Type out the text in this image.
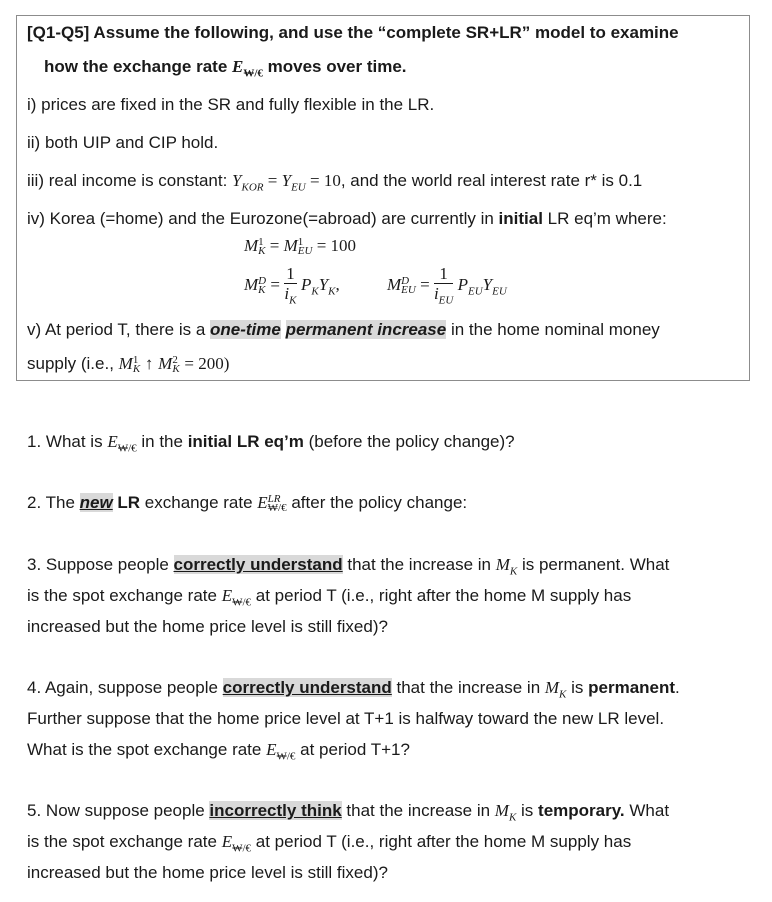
[Q1-Q5] Assume the following, and use the “complete SR+LR” model to examine
how the exchange rate $E_{₩/€}$ moves over time.
i) prices are fixed in the SR and fully flexible in the LR.
ii) both UIP and CIP hold.
iii) real income is constant: $Y_{KOR} = Y_{EU} = 10$, and the world real interest rate r* is 0.1
iv) Korea (=home) and the Eurozone(=abroad) are currently in initial LR eq’m where:
M 1
K = M 1
EU = 100
M D
$K = \frac{1}{i_K} P_KY_K$,	M D
EU = $\frac{1}{i_{EU}} P_{EU}Y_{EU}$
v) At period T, there is a one-time permanent increase in the home nominal money
supply (i.e., M 1
K ↑ M 2
K = 200)
1. What is $E_{₩/€}$ in the initial LR eq’m (before the policy change)?
2. The new LR exchange rate E LR
₩/€ after the policy change:
3. Suppose people correctly understand that the increase in $M_K$ is permanent. What
is the spot exchange rate $E_{₩/€}$ at period T (i.e., right after the home M supply has
increased but the home price level is still fixed)?
4. Again, suppose people correctly understand that the increase in $M_K$ is permanent.
Further suppose that the home price level at T+1 is halfway toward the new LR level.
What is the spot exchange rate $E_{₩/€}$ at period T+1?
5. Now suppose people incorrectly think that the increase in $M_K$ is temporary. What
is the spot exchange rate $E_{₩/€}$ at period T (i.e., right after the home M supply has
increased but the home price level is still fixed)?
